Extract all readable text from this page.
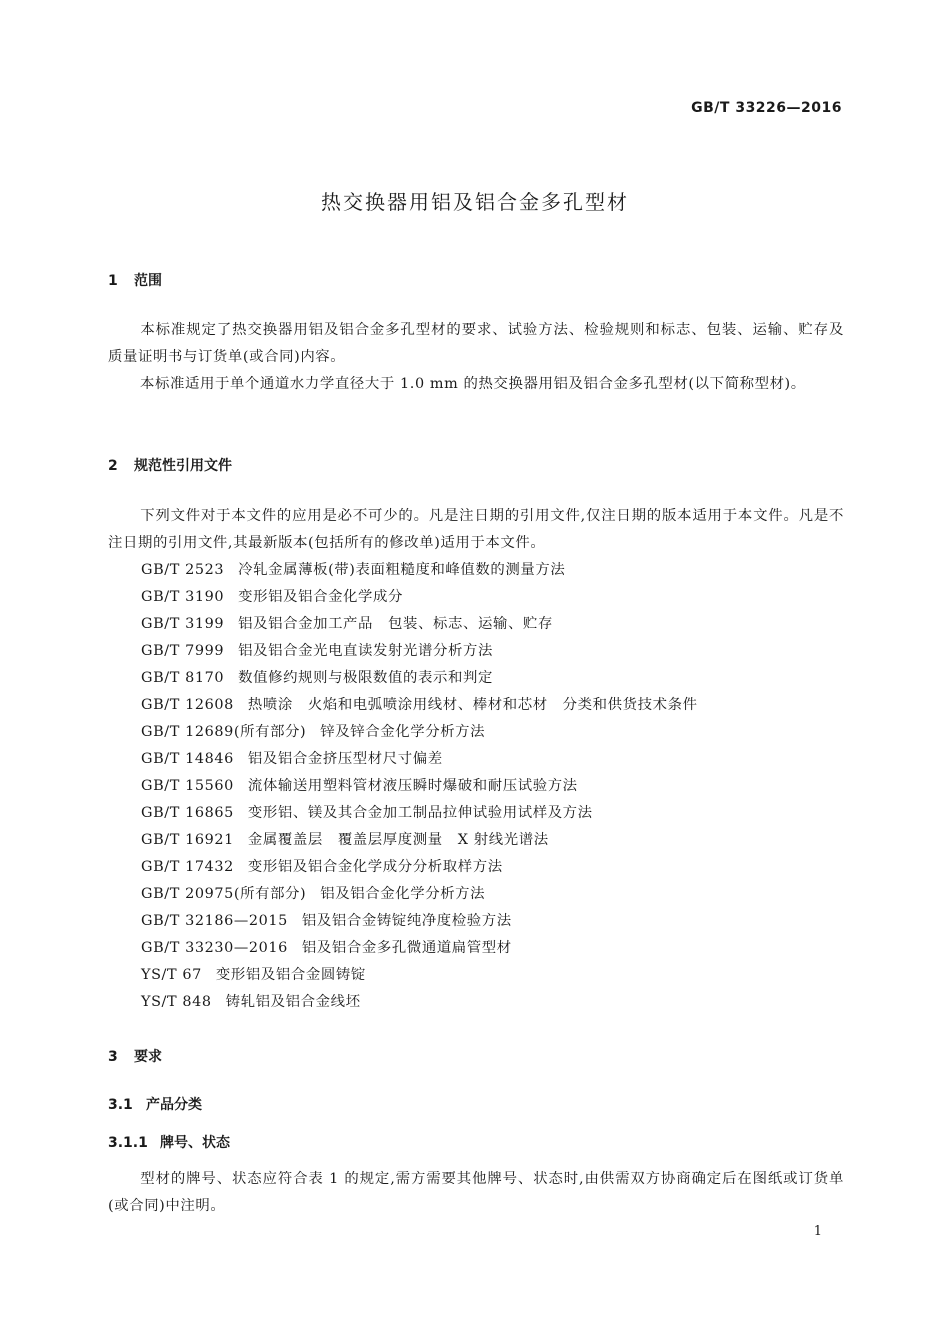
GB/T 33226—2016
热交换器用铝及铝合金多孔型材
1 范围
本标准规定了热交换器用铝及铝合金多孔型材的要求、试验方法、检验规则和标志、包装、运输、贮存及质量证明书与订货单(或合同)内容。
本标准适用于单个通道水力学直径大于 1.0 mm 的热交换器用铝及铝合金多孔型材(以下简称型材)。
2 规范性引用文件
下列文件对于本文件的应用是必不可少的。凡是注日期的引用文件,仅注日期的版本适用于本文件。凡是不注日期的引用文件,其最新版本(包括所有的修改单)适用于本文件。
GB/T 2523 冷轧金属薄板(带)表面粗糙度和峰值数的测量方法
GB/T 3190 变形铝及铝合金化学成分
GB/T 3199 铝及铝合金加工产品　包装、标志、运输、贮存
GB/T 7999 铝及铝合金光电直读发射光谱分析方法
GB/T 8170 数值修约规则与极限数值的表示和判定
GB/T 12608 热喷涂　火焰和电弧喷涂用线材、棒材和芯材　分类和供货技术条件
GB/T 12689(所有部分) 锌及锌合金化学分析方法
GB/T 14846 铝及铝合金挤压型材尺寸偏差
GB/T 15560 流体输送用塑料管材液压瞬时爆破和耐压试验方法
GB/T 16865 变形铝、镁及其合金加工制品拉伸试验用试样及方法
GB/T 16921 金属覆盖层　覆盖层厚度测量　X 射线光谱法
GB/T 17432 变形铝及铝合金化学成分分析取样方法
GB/T 20975(所有部分) 铝及铝合金化学分析方法
GB/T 32186—2015 铝及铝合金铸锭纯净度检验方法
GB/T 33230—2016 铝及铝合金多孔微通道扁管型材
YS/T 67 变形铝及铝合金圆铸锭
YS/T 848 铸轧铝及铝合金线坯
3 要求
3.1 产品分类
3.1.1 牌号、状态
型材的牌号、状态应符合表 1 的规定,需方需要其他牌号、状态时,由供需双方协商确定后在图纸或订货单(或合同)中注明。
1
